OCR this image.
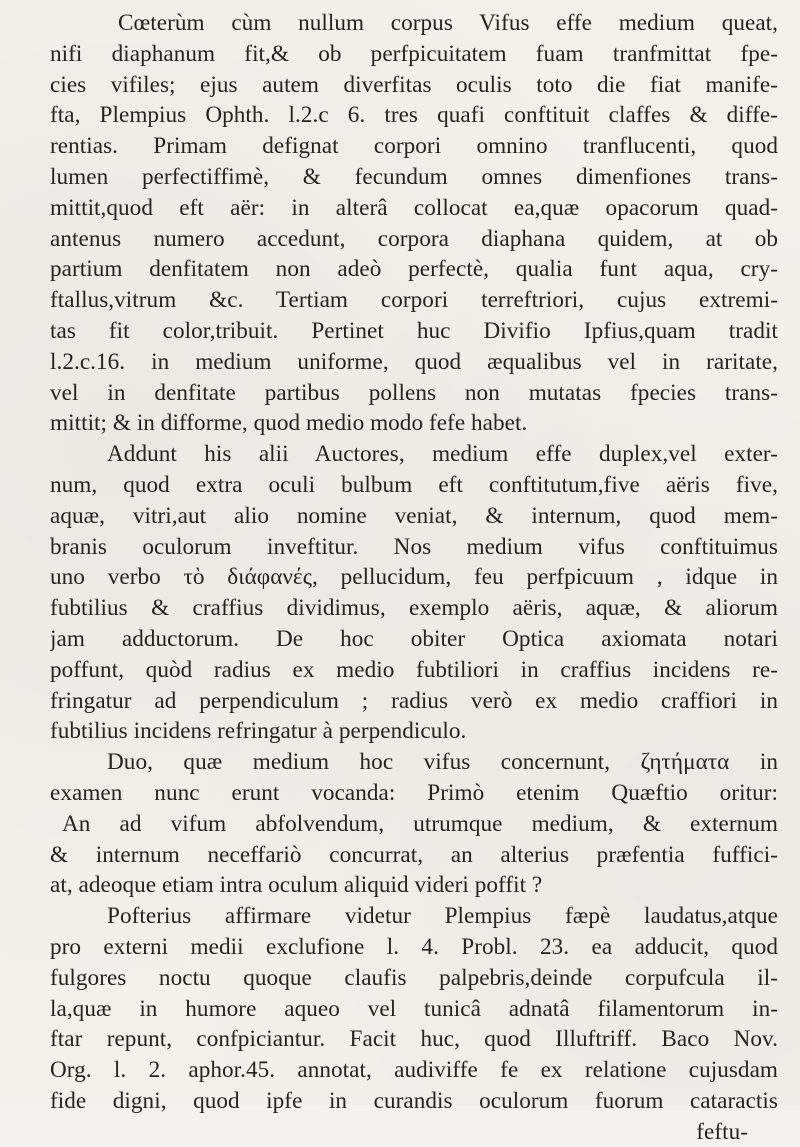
Cœterùm cùm nullum corpus Vifus effe medium queat,
nifi diaphanum fit,& ob perfpicuitatem fuam tranfmittat fpe-
cies vifiles; ejus autem diverfitas oculis toto die fiat manife-
fta, Plempius Ophth. l.2.c 6. tres quafi conftituit claffes & diffe-
rentias. Primam defignat corpori omnino tranflucenti, quod
lumen perfectiffimè, & fecundum omnes dimenfiones trans-
mittit,quod eft aër: in alterâ collocat ea,quæ opacorum quad-
antenus numero accedunt, corpora diaphana quidem, at ob
partium denfitatem non adeò perfectè, qualia funt aqua, cry-
ftallus,vitrum &c. Tertiam corpori terreftriori, cujus extremi-
tas fit color,tribuit. Pertinet huc Divifio Ipfius,quam tradit
l.2.c.16. in medium uniforme, quod æqualibus vel in raritate,
vel in denfitate partibus pollens non mutatas fpecies trans-
mittit; & in difforme, quod medio modo fefe habet.
Addunt his alii Auctores, medium effe duplex,vel exter-
num, quod extra oculi bulbum eft conftitutum,five aëris five,
aquæ, vitri,aut alio nomine veniat, & internum, quod mem-
branis oculorum inveftitur. Nos medium vifus conftituimus
uno verbo τὸ διάφανές, pellucidum, feu perfpicuum , idque in
fubtilius & craffius dividimus, exemplo aëris, aquæ, & aliorum
jam adductorum. De hoc obiter Optica axiomata notari
poffunt, quòd radius ex medio fubtiliori in craffius incidens re-
fringatur ad perpendiculum ; radius verò ex medio craffiori in
fubtilius incidens refringatur à perpendiculo.
Duo, quæ medium hoc vifus concernunt, ζητήματα in
examen nunc erunt vocanda: Primò etenim Quæftio oritur:
An ad vifum abfolvendum, utrumque medium, & externum
& internum neceffariò concurrat, an alterius præfentia fuffici-
at, adeoque etiam intra oculum aliquid videri poffit ?
Pofterius affirmare videtur Plempius fæpè laudatus,atque
pro externi medii exclufione l. 4. Probl. 23. ea adducit, quod
fulgores noctu quoque claufis palpebris,deinde corpufcula il-
la,quæ in humore aqueo vel tunicâ adnatâ filamentorum in-
ftar repunt, confpiciantur. Facit huc, quod Illuftriff. Baco Nov.
Org. l. 2. aphor.45. annotat, audiviffe fe ex relatione cujusdam
fide digni, quod ipfe in curandis oculorum fuorum cataractis
feftu-
